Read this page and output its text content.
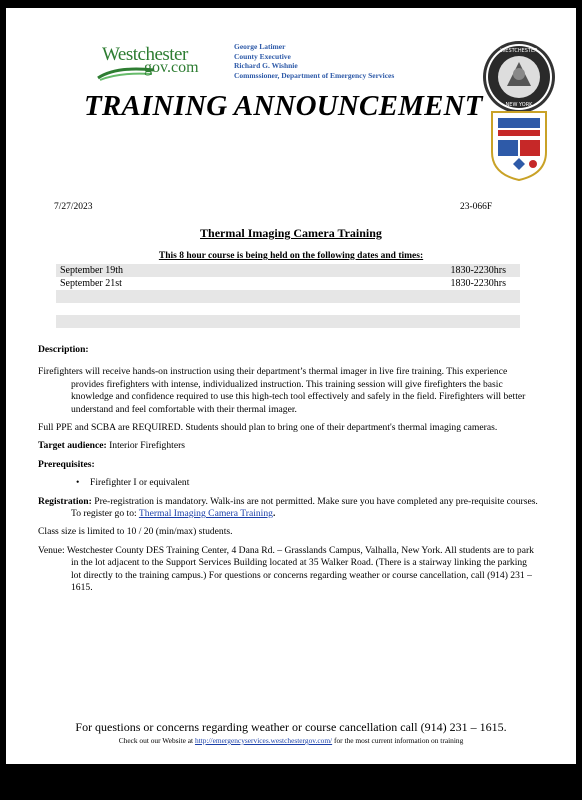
Westchester
gov.com
George Latimer
County Executive
Richard G. Wishnie
Commssioner, Department of Emergency Services
TRAINING ANNOUNCEMENT
WESTCHESTER
NEW YORK
7/27/2023	23-066F
Thermal Imaging Camera Training
This 8 hour course is being held on the following dates and times:
September 19th	1830-2230hrs
September 21st	1830-2230hrs
Description:
Firefighters will receive hands-on instruction using their department’s thermal imager in live fire training. This experience provides firefighters with intense, individualized instruction. This training session will give firefighters the basic knowledge and confidence required to use this high-tech tool effectively and safely in the field. Firefighters will better understand and feel comfortable with their thermal imager.
Full PPE and SCBA are REQUIRED. Students should plan to bring one of their department's thermal imaging cameras.
Target audience: Interior Firefighters
Prerequisites:
• Firefighter I or equivalent
Registration: Pre-registration is mandatory. Walk-ins are not permitted. Make sure you have completed any pre-requisite courses. To register go to: Thermal Imaging Camera Training.
Class size is limited to 10 / 20 (min/max) students.
Venue: Westchester County DES Training Center, 4 Dana Rd. – Grasslands Campus, Valhalla, New York. All students are to park in the lot adjacent to the Support Services Building located at 35 Walker Road. (There is a stairway linking the parking lot directly to the training campus.) For questions or concerns regarding weather or course cancellation, call (914) 231 – 1615.
For questions or concerns regarding weather or course cancellation call (914) 231 – 1615.
Check out our Website at http://emergencyservices.westchestergov.com/ for the most current information on training
